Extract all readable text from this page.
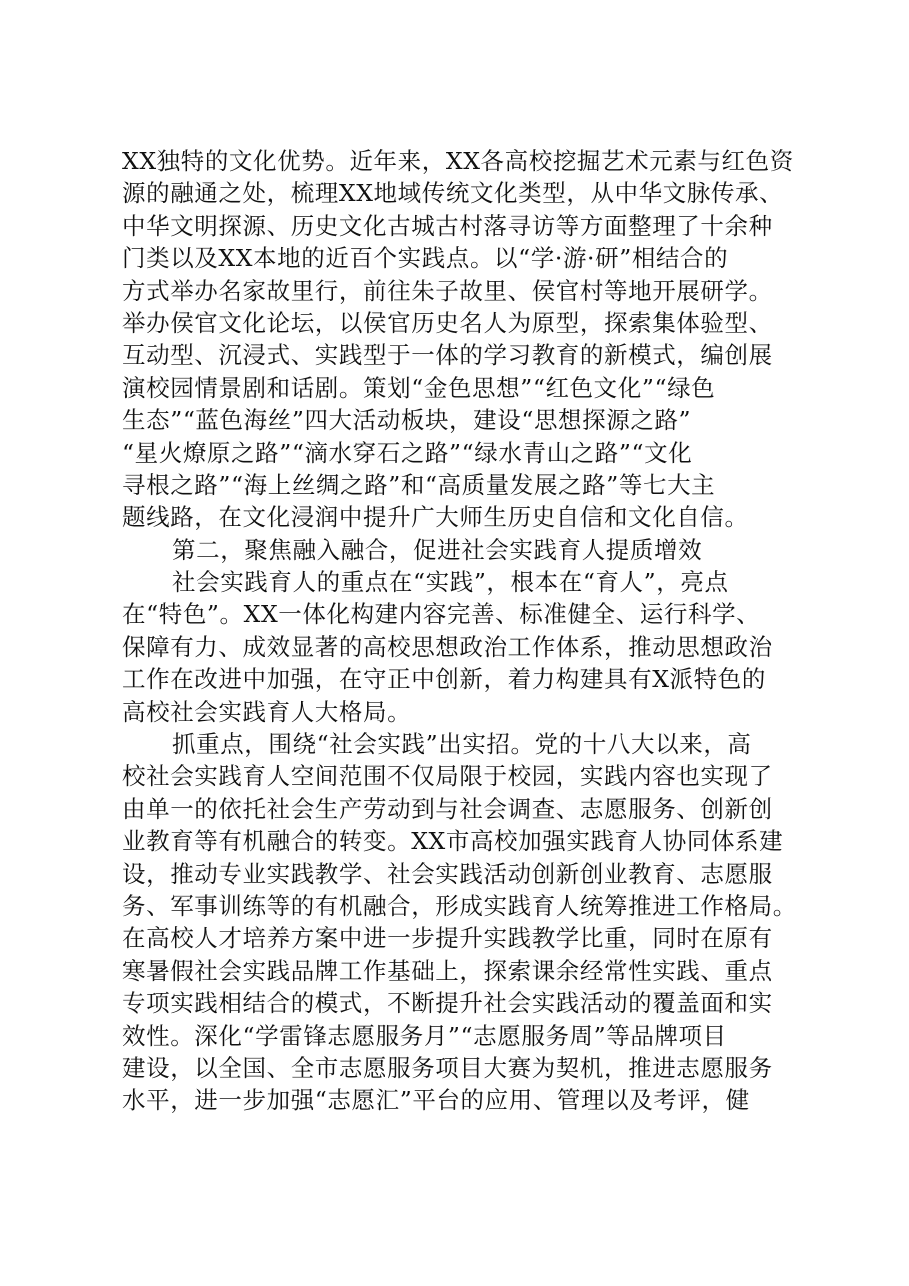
XX独特的文化优势。近年来，XX各高校挖掘艺术元素与红色资
源的融通之处，梳理XX地域传统文化类型，从中华文脉传承、
中华文明探源、历史文化古城古村落寻访等方面整理了十余种
门类以及XX本地的近百个实践点。以“学·游·研”相结合的
方式举办名家故里行，前往朱子故里、侯官村等地开展研学。
举办侯官文化论坛，以侯官历史名人为原型，探索集体验型、
互动型、沉浸式、实践型于一体的学习教育的新模式，编创展
演校园情景剧和话剧。策划“金色思想”“红色文化”“绿色
生态”“蓝色海丝”四大活动板块，建设“思想探源之路”
“星火燎原之路”“滴水穿石之路”“绿水青山之路”“文化
寻根之路”“海上丝绸之路”和“高质量发展之路”等七大主
题线路，在文化浸润中提升广大师生历史自信和文化自信。
第二，聚焦融入融合，促进社会实践育人提质增效
社会实践育人的重点在“实践”，根本在“育人”，亮点
在“特色”。XX一体化构建内容完善、标准健全、运行科学、
保障有力、成效显著的高校思想政治工作体系，推动思想政治
工作在改进中加强，在守正中创新，着力构建具有X派特色的
高校社会实践育人大格局。
抓重点，围绕“社会实践”出实招。党的十八大以来，高
校社会实践育人空间范围不仅局限于校园，实践内容也实现了
由单一的依托社会生产劳动到与社会调查、志愿服务、创新创
业教育等有机融合的转变。XX市高校加强实践育人协同体系建
设，推动专业实践教学、社会实践活动创新创业教育、志愿服
务、军事训练等的有机融合，形成实践育人统筹推进工作格局。
在高校人才培养方案中进一步提升实践教学比重，同时在原有
寒暑假社会实践品牌工作基础上，探索课余经常性实践、重点
专项实践相结合的模式，不断提升社会实践活动的覆盖面和实
效性。深化“学雷锋志愿服务月”“志愿服务周”等品牌项目
建设，以全国、全市志愿服务项目大赛为契机，推进志愿服务
水平，进一步加强“志愿汇”平台的应用、管理以及考评，健
